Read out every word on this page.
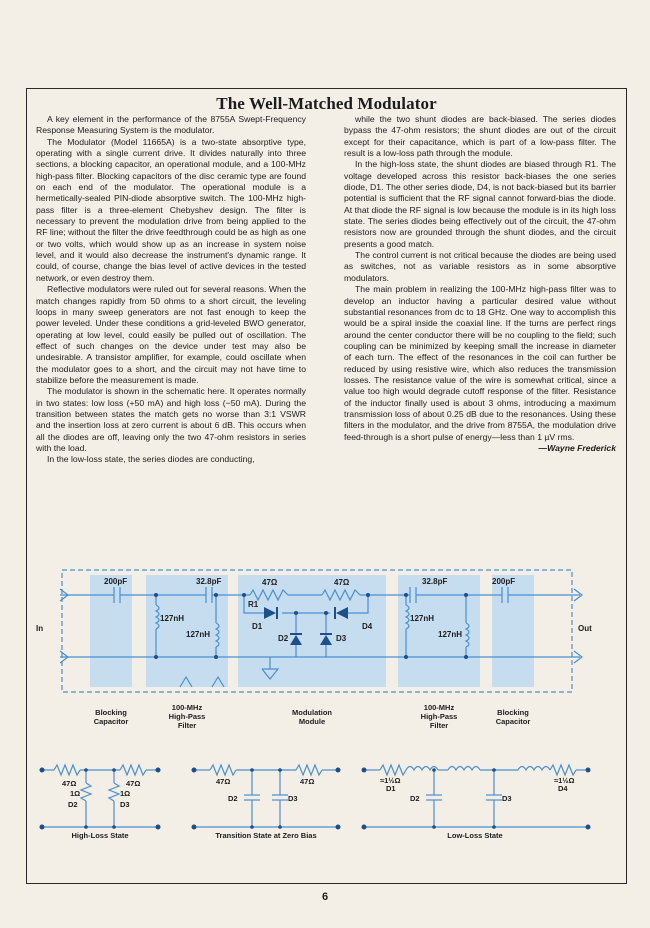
The Well-Matched Modulator

A key element in the performance of the 8755A Swept-Frequency Response Measuring System is the modulator.

The Modulator (Model 11665A) is a two-state absorptive type, operating with a single current drive. It divides naturally into three sections, a blocking capacitor, an operational module, and a 100-MHz high-pass filter. Blocking capacitors of the disc ceramic type are found on each end of the modulator. The operational module is a hermetically-sealed PIN-diode absorptive switch. The 100-MHz high-pass filter is a three-element Chebyshev design. The filter is necessary to prevent the modulation drive from being applied to the RF line; without the filter the drive feedthrough could be as high as one or two volts, which would show up as an increase in system noise level, and it would also decrease the instrument's dynamic range. It could, of course, change the bias level of active devices in the tested network, or even destroy them.

Reflective modulators were ruled out for several reasons. When the match changes rapidly from 50 ohms to a short circuit, the leveling loops in many sweep generators are not fast enough to keep the power leveled. Under these conditions a grid-leveled BWO generator, operating at low level, could easily be pulled out of oscillation. The effect of such changes on the device under test may also be undesirable. A transistor amplifier, for example, could oscillate when the modulator goes to a short, and the circuit may not have time to stabilize before the measurement is made.

The modulator is shown in the schematic here. It operates normally in two states: low loss (+50 mA) and high loss (−50 mA). During the transition between states the match gets no worse than 3:1 VSWR and the insertion loss at zero current is about 6 dB. This occurs when all the diodes are off, leaving only the two 47-ohm resistors in series with the load.

In the low-loss state, the series diodes are conducting,

while the two shunt diodes are back-biased. The series diodes bypass the 47-ohm resistors; the shunt diodes are out of the circuit except for their capacitance, which is part of a low-pass filter. The result is a low-loss path through the module.

In the high-loss state, the shunt diodes are biased through R1. The voltage developed across this resistor back-biases the one series diode, D1. The other series diode, D4, is not back-biased but its barrier potential is sufficient that the RF signal cannot forward-bias the diode. At that diode the RF signal is low because the module is in its high loss state. The series diodes being effectively out of the circuit, the 47-ohm resistors now are grounded through the shunt diodes, and the circuit presents a good match.

The control current is not critical because the diodes are being used as switches, not as variable resistors as in some absorptive modulators.

The main problem in realizing the 100-MHz high-pass filter was to develop an inductor having a particular desired value without substantial resonances from dc to 18 GHz. One way to accomplish this would be a spiral inside the coaxial line. If the turns are perfect rings around the center conductor there will be no coupling to the field; such coupling can be minimized by keeping small the increase in diameter of each turn. The effect of the resonances in the coil can further be reduced by using resistive wire, which also reduces the transmission losses. The resistance value of the wire is somewhat critical, since a value too high would degrade cutoff response of the filter. Resistance of the inductor finally used is about 3 ohms, introducing a maximum transmission loss of about 0.25 dB due to the resonances. Using these filters in the modulator, and the drive from 8755A, the modulation drive feed-through is a short pulse of energy—less than 1 µV rms.

—Wayne Frederick

In	Out
200pF	32.8pF
127nH
127nH
47Ω	47Ω
R1
D1
D2	D3
D4
32.8pF	200pF
127nH
127nH
Blocking Capacitor
100-MHz High-Pass Filter
Modulation Module
100-MHz High-Pass Filter
Blocking Capacitor
47Ω	47Ω
1Ω	1Ω
D2	D3
High-Loss State
47Ω	47Ω
D2	D3
Transition State at Zero Bias
≈1½Ω	≈1½Ω
D1
D2	D3
D4
Low-Loss State
6
